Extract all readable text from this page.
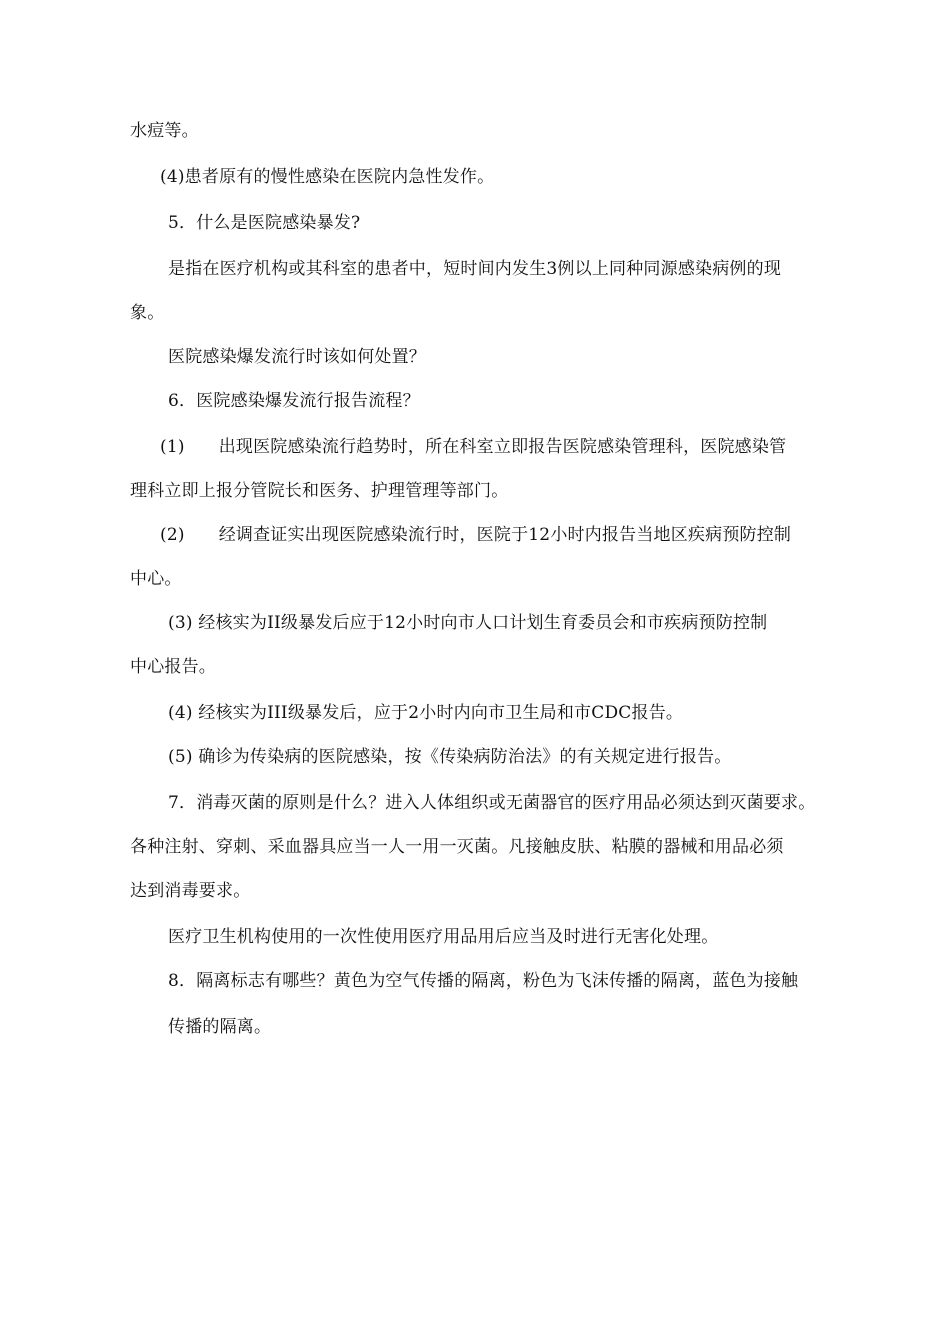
水痘等。
(4)患者原有的慢性感染在医院内急性发作。
5．什么是医院感染暴发?
是指在医疗机构或其科室的患者中，短时间内发生3例以上同种同源感染病例的现
象。
医院感染爆发流行时该如何处置？
6．医院感染爆发流行报告流程？
(1) 出现医院感染流行趋势时，所在科室立即报告医院感染管理科，医院感染管
理科立即上报分管院长和医务、护理管理等部门。
(2) 经调查证实出现医院感染流行时，医院于12小时内报告当地区疾病预防控制
中心。
(3) 经核实为II级暴发后应于12小时向市人口计划生育委员会和市疾病预防控制
中心报告。
(4) 经核实为III级暴发后，应于2小时内向市卫生局和市CDC报告。
(5) 确诊为传染病的医院感染，按《传染病防治法》的有关规定进行报告。
7．消毒灭菌的原则是什么？进入人体组织或无菌器官的医疗用品必须达到灭菌要求。
各种注射、穿刺、采血器具应当一人一用一灭菌。凡接触皮肤、粘膜的器械和用品必须
达到消毒要求。
医疗卫生机构使用的一次性使用医疗用品用后应当及时进行无害化处理。
8．隔离标志有哪些？黄色为空气传播的隔离，粉色为飞沫传播的隔离，蓝色为接触
传播的隔离。
